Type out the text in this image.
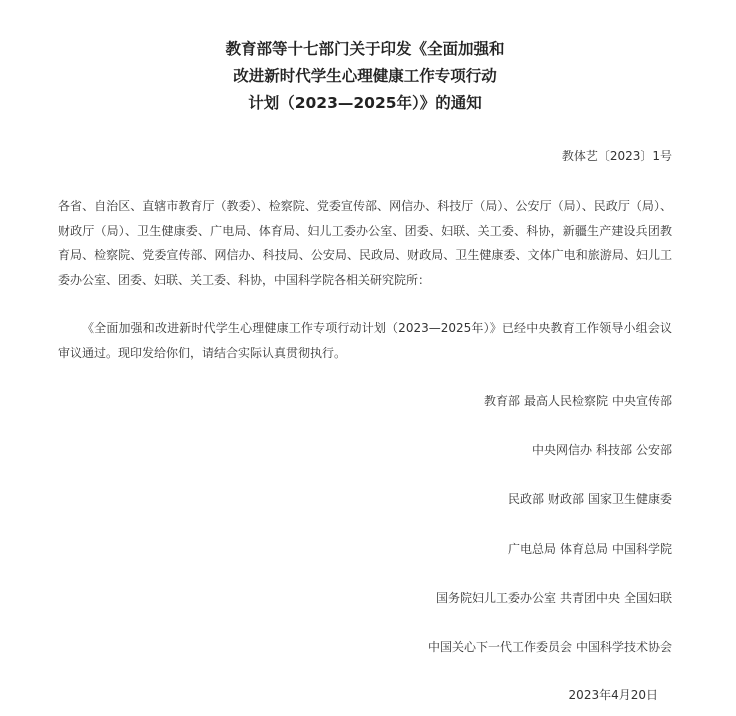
教育部等十七部门关于印发《全面加强和
改进新时代学生心理健康工作专项行动
计划（2023—2025年）》的通知
教体艺〔2023〕1号
各省、自治区、直辖市教育厅（教委）、检察院、党委宣传部、网信办、科技厅（局）、公安厅（局）、民政厅（局）、财政厅（局）、卫生健康委、广电局、体育局、妇儿工委办公室、团委、妇联、关工委、科协，新疆生产建设兵团教育局、检察院、党委宣传部、网信办、科技局、公安局、民政局、财政局、卫生健康委、文体广电和旅游局、妇儿工委办公室、团委、妇联、关工委、科协，中国科学院各相关研究院所：
《全面加强和改进新时代学生心理健康工作专项行动计划（2023—2025年）》已经中央教育工作领导小组会议审议通过。现印发给你们，请结合实际认真贯彻执行。
教育部 最高人民检察院 中央宣传部
中央网信办 科技部 公安部
民政部 财政部 国家卫生健康委
广电总局 体育总局 中国科学院
国务院妇儿工委办公室 共青团中央 全国妇联
中国关心下一代工作委员会 中国科学技术协会
2023年4月20日
